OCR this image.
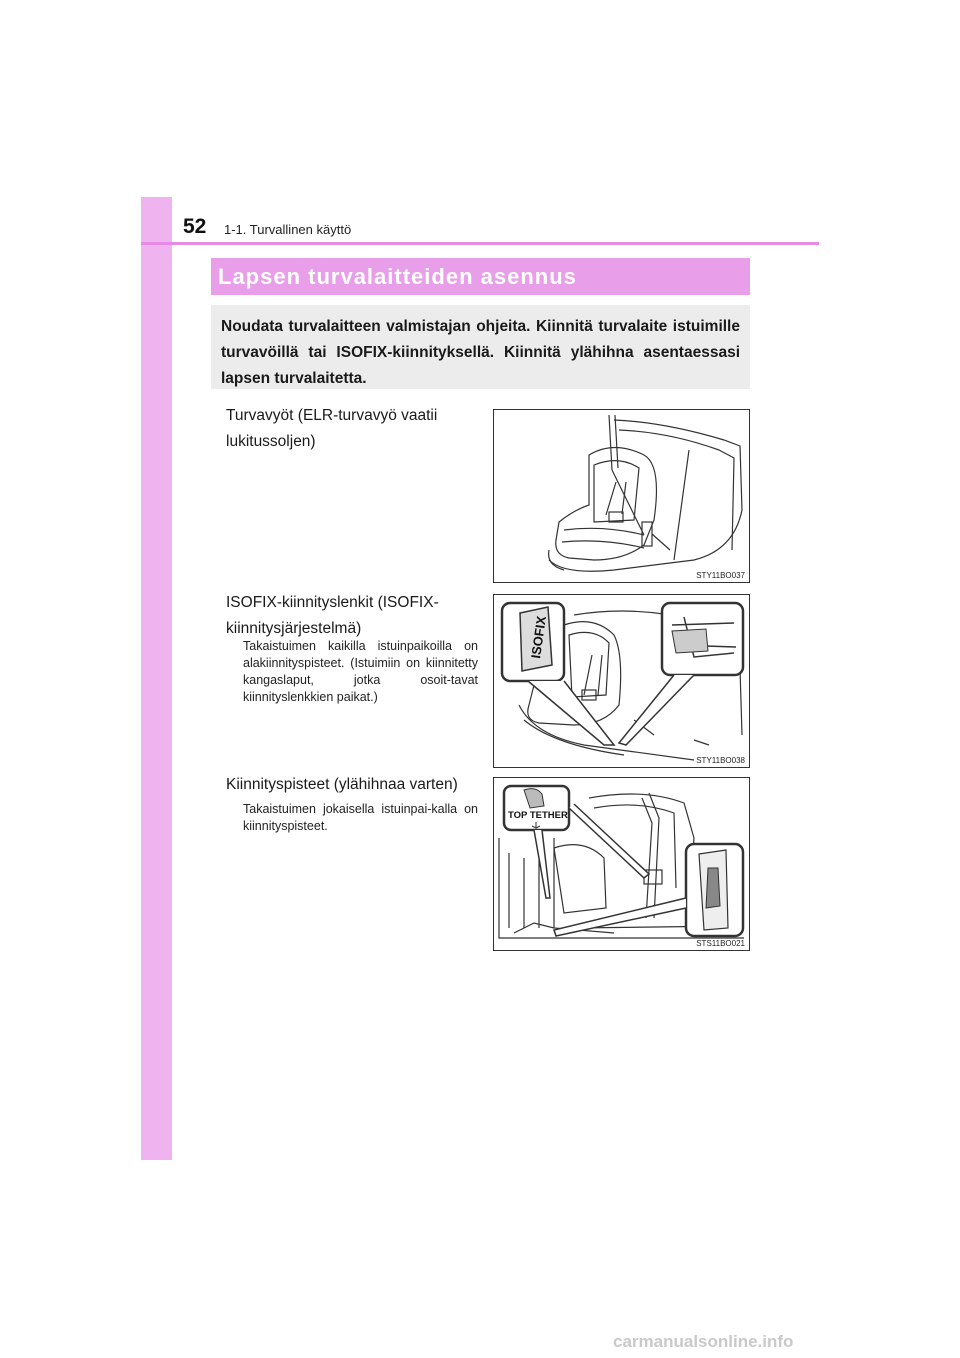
52 1-1. Turvallinen käyttö
Lapsen turvalaitteiden asennus
Noudata turvalaitteen valmistajan ohjeita. Kiinnitä turvalaite istuimille turvavöillä tai ISOFIX-kiinnityksellä. Kiinnitä ylähihna asentaessasi lapsen turvalaitetta.
Turvavyöt (ELR-turvavyö vaatii lukitussoljen)
STY11BO037
ISOFIX-kiinnityslenkit (ISOFIX-kiinnitysjärjestelmä)
Takaistuimen kaikilla istuinpaikoilla on alakiinnityspisteet. (Istuimiin on kiinnitetty kangaslaput, jotka osoit-tavat kiinnityslenkkien paikat.)
ISOFIX
STY11BO038
Kiinnityspisteet (ylähihnaa varten)
Takaistuimen jokaisella istuinpai-kalla on kiinnityspisteet.
TOP TETHER
STS11BO021
carmanualsonline.info
